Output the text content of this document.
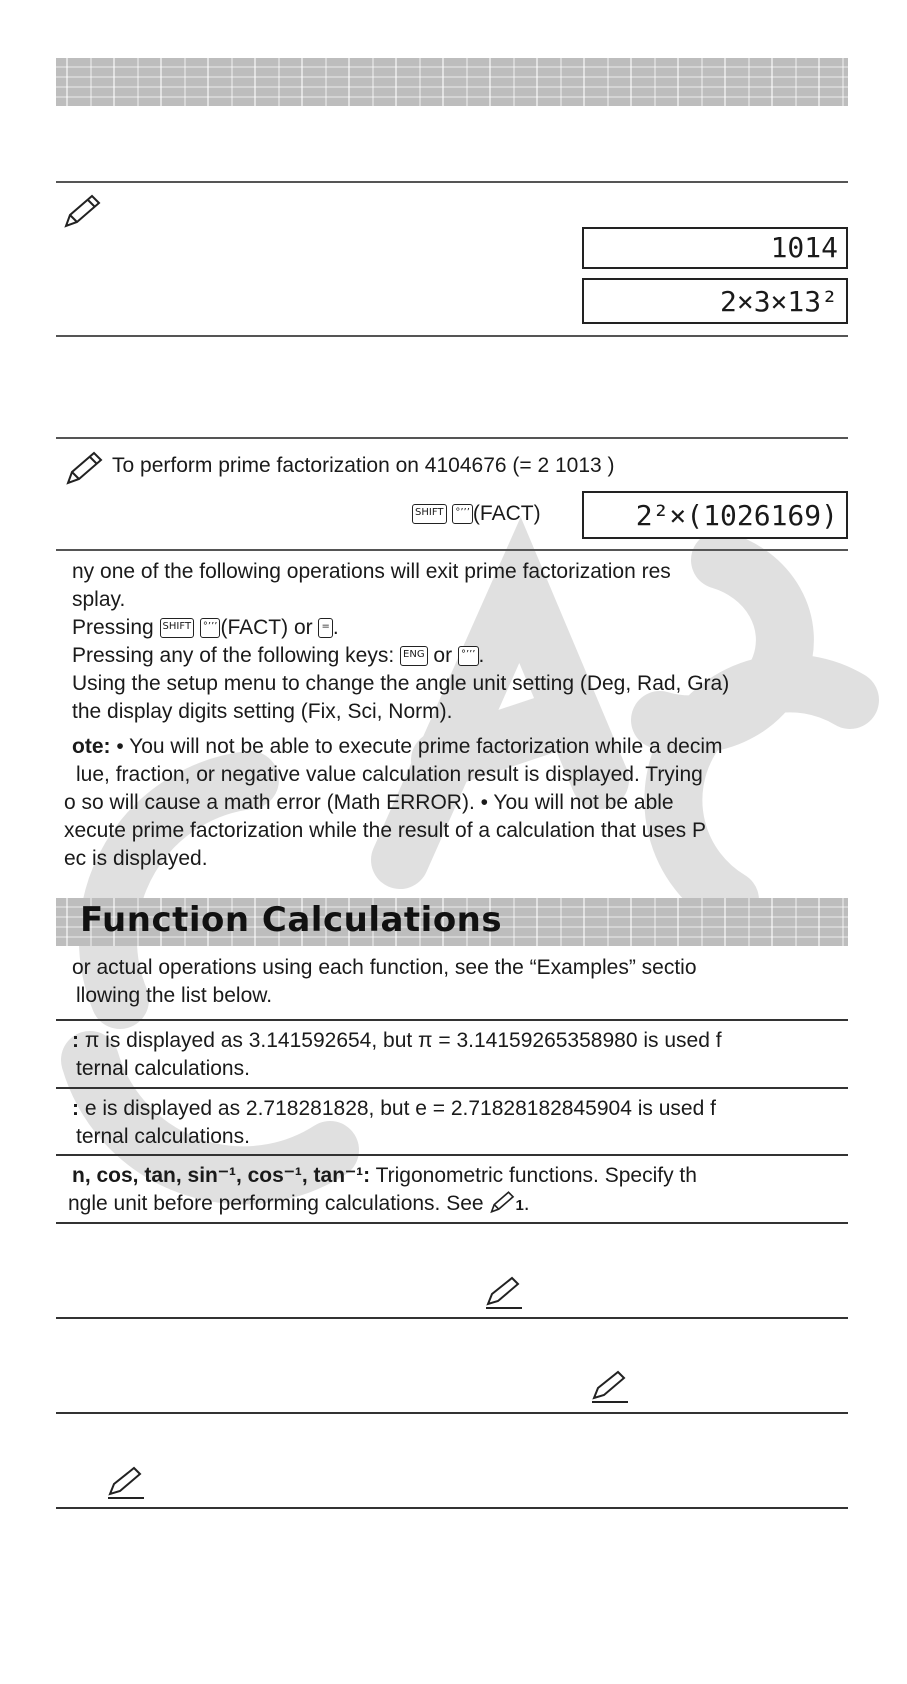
1014
2×3×13²
To perform prime factorization on 4104676 (= 2 1013 )
SHIFT °’’’ (FACT)	2²×(1026169)
ny one of the following operations will exit prime factorization res
splay.
Pressing SHIFT °’’’ (FACT) or = .
Pressing any of the following keys: ENG or °’’’ .
Using the setup menu to change the angle unit setting (Deg, Rad, Gra)
the display digits setting (Fix, Sci, Norm).
ote: • You will not be able to execute prime factorization while a decim
lue, fraction, or negative value calculation result is displayed. Trying
o so will cause a math error (Math ERROR). • You will not be able
xecute prime factorization while the result of a calculation that uses P
ec is displayed.
Function Calculations
or actual operations using each function, see the “Examples” sectio
llowing the list below.
: π is displayed as 3.141592654, but π = 3.14159265358980 is used f
ternal calculations.
: e is displayed as 2.718281828, but e = 2.71828182845904 is used f
ternal calculations.
n, cos, tan, sin⁻¹, cos⁻¹, tan⁻¹: Trigonometric functions. Specify th
ngle unit before performing calculations. See 1.
